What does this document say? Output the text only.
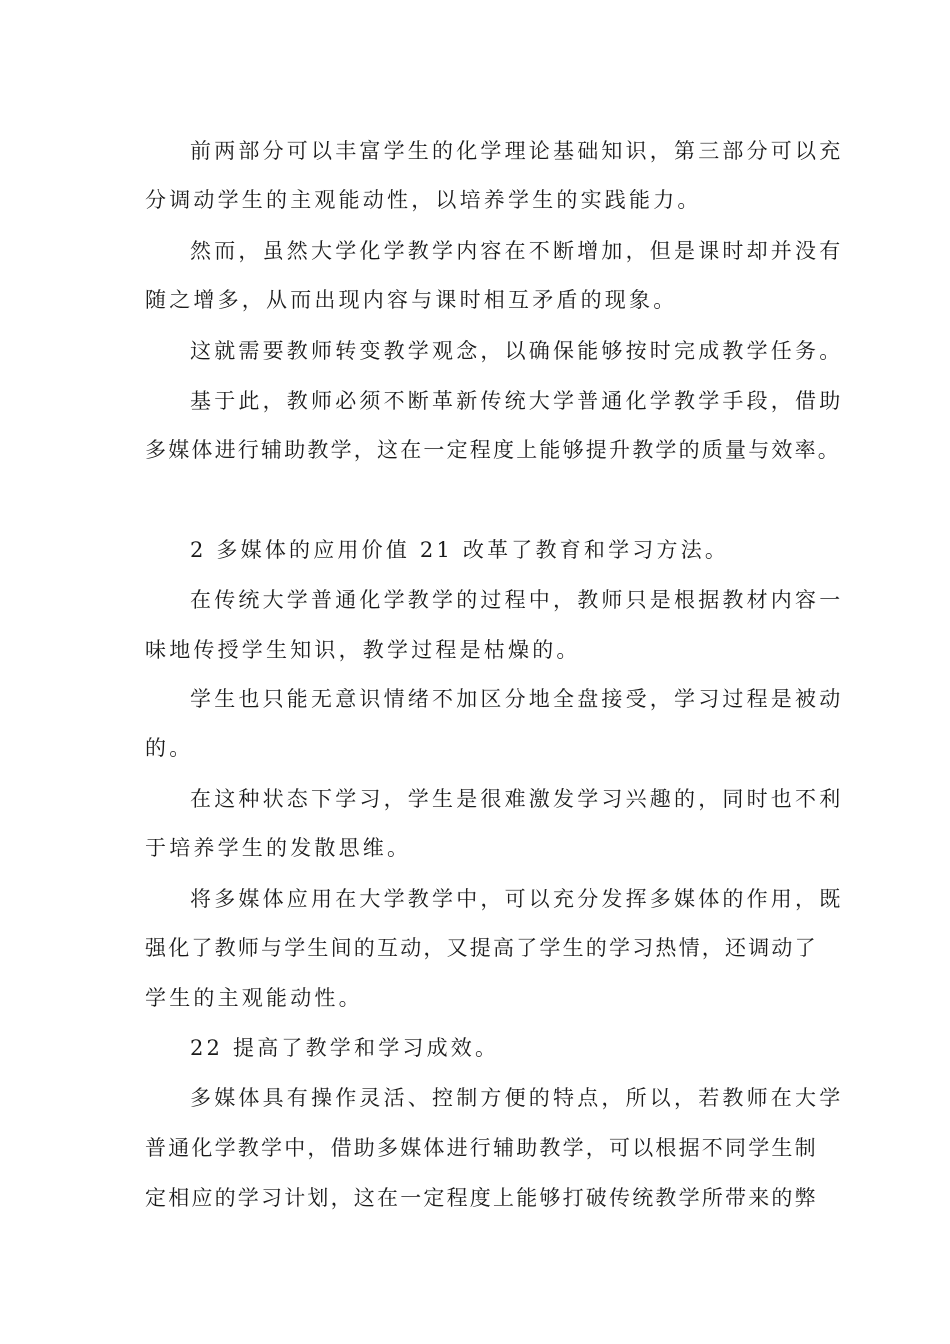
前两部分可以丰富学生的化学理论基础知识，第三部分可以充
分调动学生的主观能动性，以培养学生的实践能力。
然而，虽然大学化学教学内容在不断增加，但是课时却并没有
随之增多，从而出现内容与课时相互矛盾的现象。
这就需要教师转变教学观念，以确保能够按时完成教学任务。
基于此，教师必须不断革新传统大学普通化学教学手段，借助
多媒体进行辅助教学，这在一定程度上能够提升教学的质量与效率。
2 多媒体的应用价值 21 改革了教育和学习方法。
在传统大学普通化学教学的过程中，教师只是根据教材内容一
味地传授学生知识，教学过程是枯燥的。
学生也只能无意识情绪不加区分地全盘接受，学习过程是被动
的。
在这种状态下学习，学生是很难激发学习兴趣的，同时也不利
于培养学生的发散思维。
将多媒体应用在大学教学中，可以充分发挥多媒体的作用，既
强化了教师与学生间的互动，又提高了学生的学习热情，还调动了
学生的主观能动性。
22 提高了教学和学习成效。
多媒体具有操作灵活、控制方便的特点，所以，若教师在大学
普通化学教学中，借助多媒体进行辅助教学，可以根据不同学生制
定相应的学习计划，这在一定程度上能够打破传统教学所带来的弊
